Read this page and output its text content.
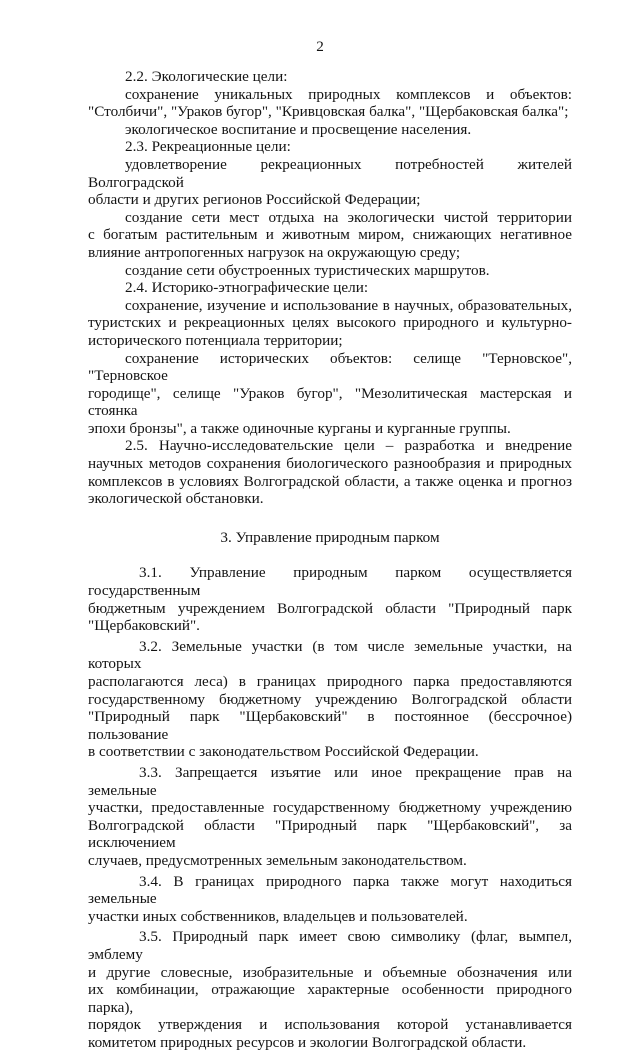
2

2.2. Экологические цели:

сохранение уникальных природных комплексов и объектов:
"Столбичи", "Ураков бугор", "Кривцовская балка", "Щербаковская балка";

экологическое воспитание и просвещение населения.

2.3. Рекреационные цели:

удовлетворение рекреационных потребностей жителей Волгоградской
области и других регионов Российской Федерации;

создание сети мест отдыха на экологически чистой территории
с богатым растительным и животным миром, снижающих негативное
влияние антропогенных нагрузок на окружающую среду;

создание сети обустроенных туристических маршрутов.

2.4. Историко-этнографические цели:

сохранение, изучение и использование в научных, образовательных,
туристских и рекреационных целях высокого природного и культурно-
исторического потенциала территории;

сохранение исторических объектов: селище "Терновское", "Терновское
городище", селище "Ураков бугор", "Мезолитическая мастерская и стоянка
эпохи бронзы", а также одиночные курганы и курганные группы.

2.5. Научно-исследовательские цели – разработка и внедрение
научных методов сохранения биологического разнообразия и природных
комплексов в условиях Волгоградской области, а также оценка и прогноз
экологической обстановки.

3. Управление природным парком

3.1. Управление природным парком осуществляется государственным
бюджетным учреждением Волгоградской области "Природный парк
"Щербаковский".

3.2. Земельные участки (в том числе земельные участки, на которых
располагаются леса) в границах природного парка предоставляются
государственному бюджетному учреждению Волгоградской области
"Природный парк "Щербаковский" в постоянное (бессрочное) пользование
в соответствии с законодательством Российской Федерации.

3.3. Запрещается изъятие или иное прекращение прав на земельные
участки, предоставленные государственному бюджетному учреждению
Волгоградской области "Природный парк "Щербаковский", за исключением
случаев, предусмотренных земельным законодательством.

3.4. В границах природного парка также могут находиться земельные
участки иных собственников, владельцев и пользователей.

3.5. Природный парк имеет свою символику (флаг, вымпел, эмблему
и другие словесные, изобразительные и объемные обозначения или
их комбинации, отражающие характерные особенности природного парка),
порядок утверждения и использования которой устанавливается
комитетом природных ресурсов и экологии Волгоградской области.
